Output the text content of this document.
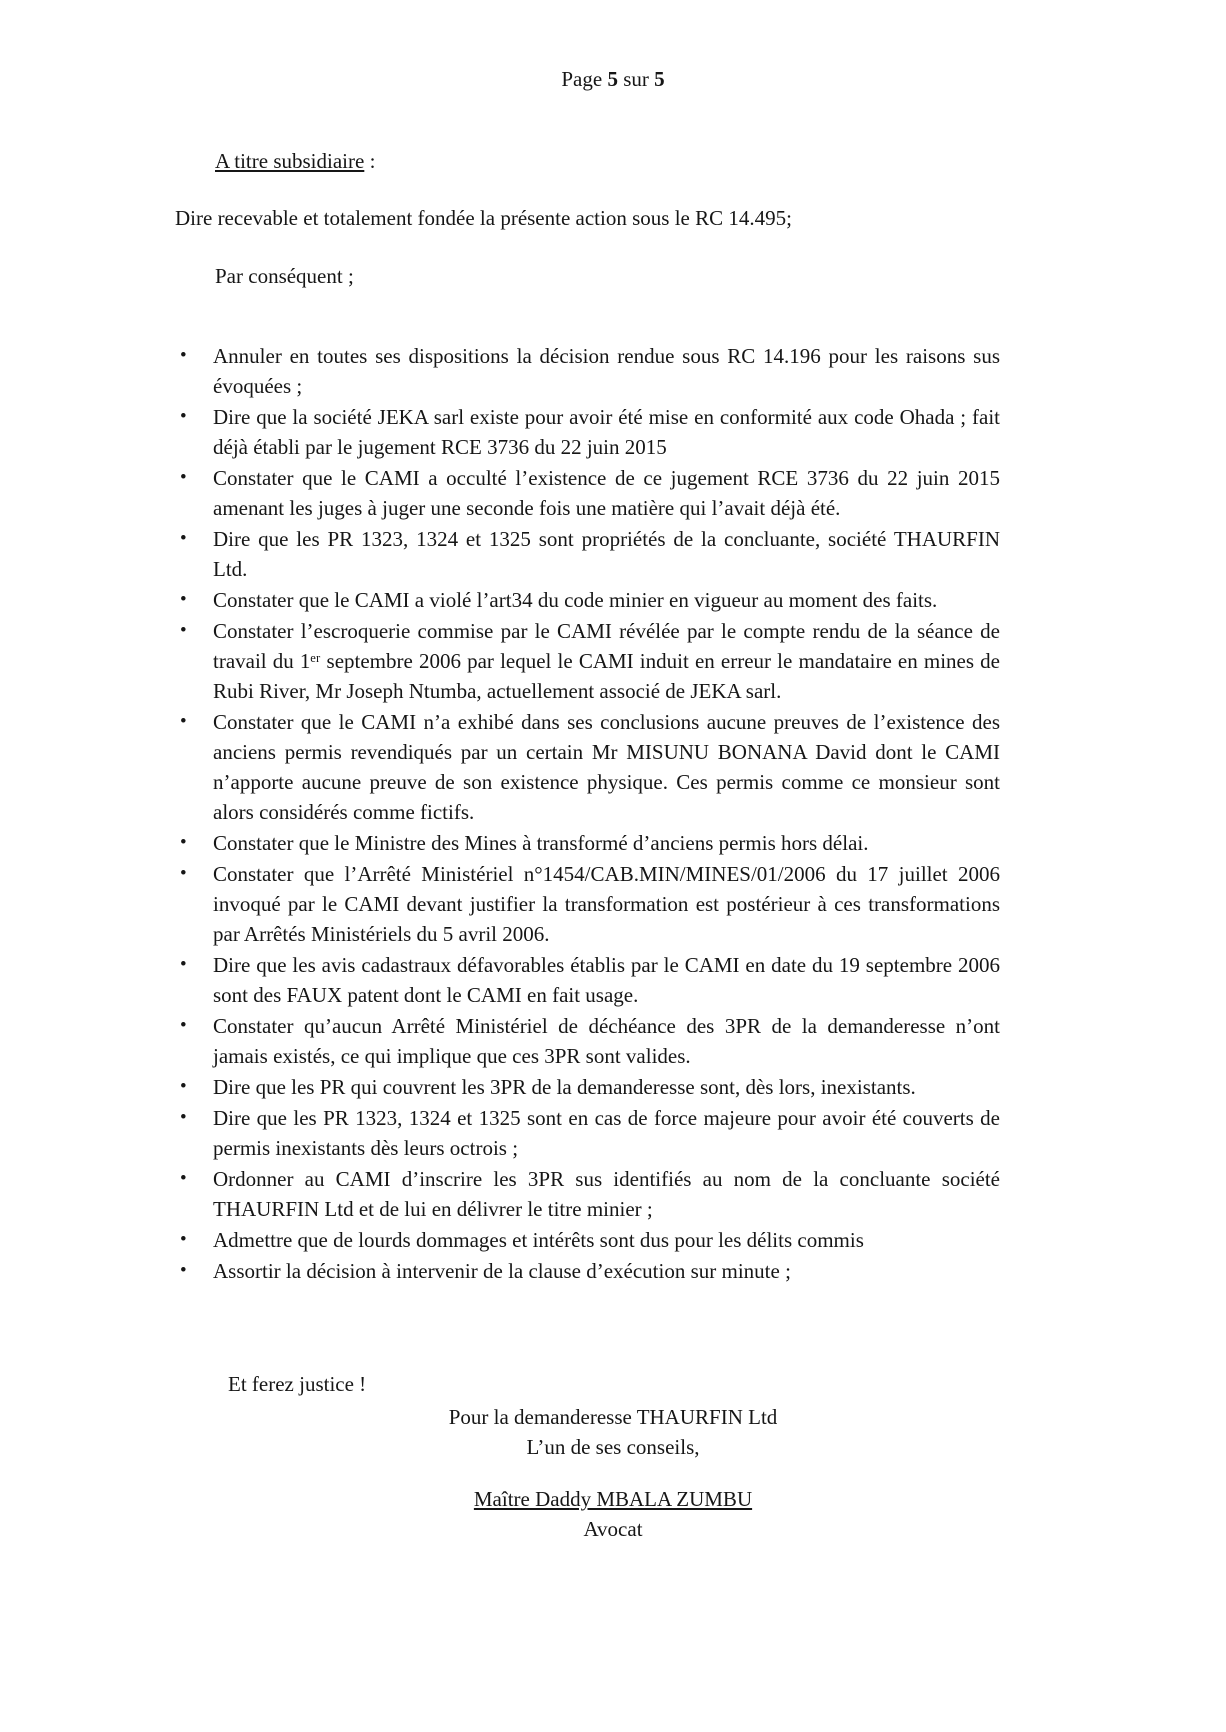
Page 5 sur 5
A titre subsidiaire :
Dire recevable et totalement fondée la présente action sous le RC 14.495;
Par conséquent ;
• Annuler en toutes ses dispositions la décision rendue sous RC 14.196 pour les raisons sus évoquées ;
• Dire que la société JEKA sarl existe pour avoir été mise en conformité aux code Ohada ; fait déjà établi par le jugement RCE 3736 du 22 juin 2015
• Constater que le CAMI a occulté l’existence de ce jugement RCE 3736 du 22 juin 2015 amenant les juges à juger une seconde fois une matière qui l’avait déjà été.
• Dire que les PR 1323, 1324 et 1325 sont propriétés de la concluante, société THAURFIN Ltd.
• Constater que le CAMI a violé l’art34 du code minier en vigueur au moment des faits.
• Constater l’escroquerie commise par le CAMI révélée par le compte rendu de la séance de travail du 1ᵉʳ septembre 2006 par lequel le CAMI induit en erreur le mandataire en mines de Rubi River, Mr Joseph Ntumba, actuellement associé de JEKA sarl.
• Constater que le CAMI n’a exhibé dans ses conclusions aucune preuves de l’existence des anciens permis revendiqués par un certain Mr MISUNU BONANA David dont le CAMI n’apporte aucune preuve de son existence physique. Ces permis comme ce monsieur sont alors considérés comme fictifs.
• Constater que le Ministre des Mines à transformé d’anciens permis hors délai.
• Constater que l’Arrêté Ministériel n°1454/CAB.MIN/MINES/01/2006 du 17 juillet 2006 invoqué par le CAMI devant justifier la transformation est postérieur à ces transformations par Arrêtés Ministériels du 5 avril 2006.
• Dire que les avis cadastraux défavorables établis par le CAMI en date du 19 septembre 2006 sont des FAUX patent dont le CAMI en fait usage.
• Constater qu’aucun Arrêté Ministériel de déchéance des 3PR de la demanderesse n’ont jamais existés, ce qui implique que ces 3PR sont valides.
• Dire que les PR qui couvrent les 3PR de la demanderesse sont, dès lors, inexistants.
• Dire que les PR 1323, 1324 et 1325 sont en cas de force majeure pour avoir été couverts de permis inexistants dès leurs octrois ;
• Ordonner au CAMI d’inscrire les 3PR sus identifiés au nom de la concluante société THAURFIN Ltd et de lui en délivrer le titre minier ;
• Admettre que de lourds dommages et intérêts sont dus pour les délits commis
• Assortir la décision à intervenir de la clause d’exécution sur minute ;
Et ferez justice !
Pour la demanderesse THAURFIN Ltd
L’un de ses conseils,
Maître Daddy MBALA ZUMBU
Avocat
